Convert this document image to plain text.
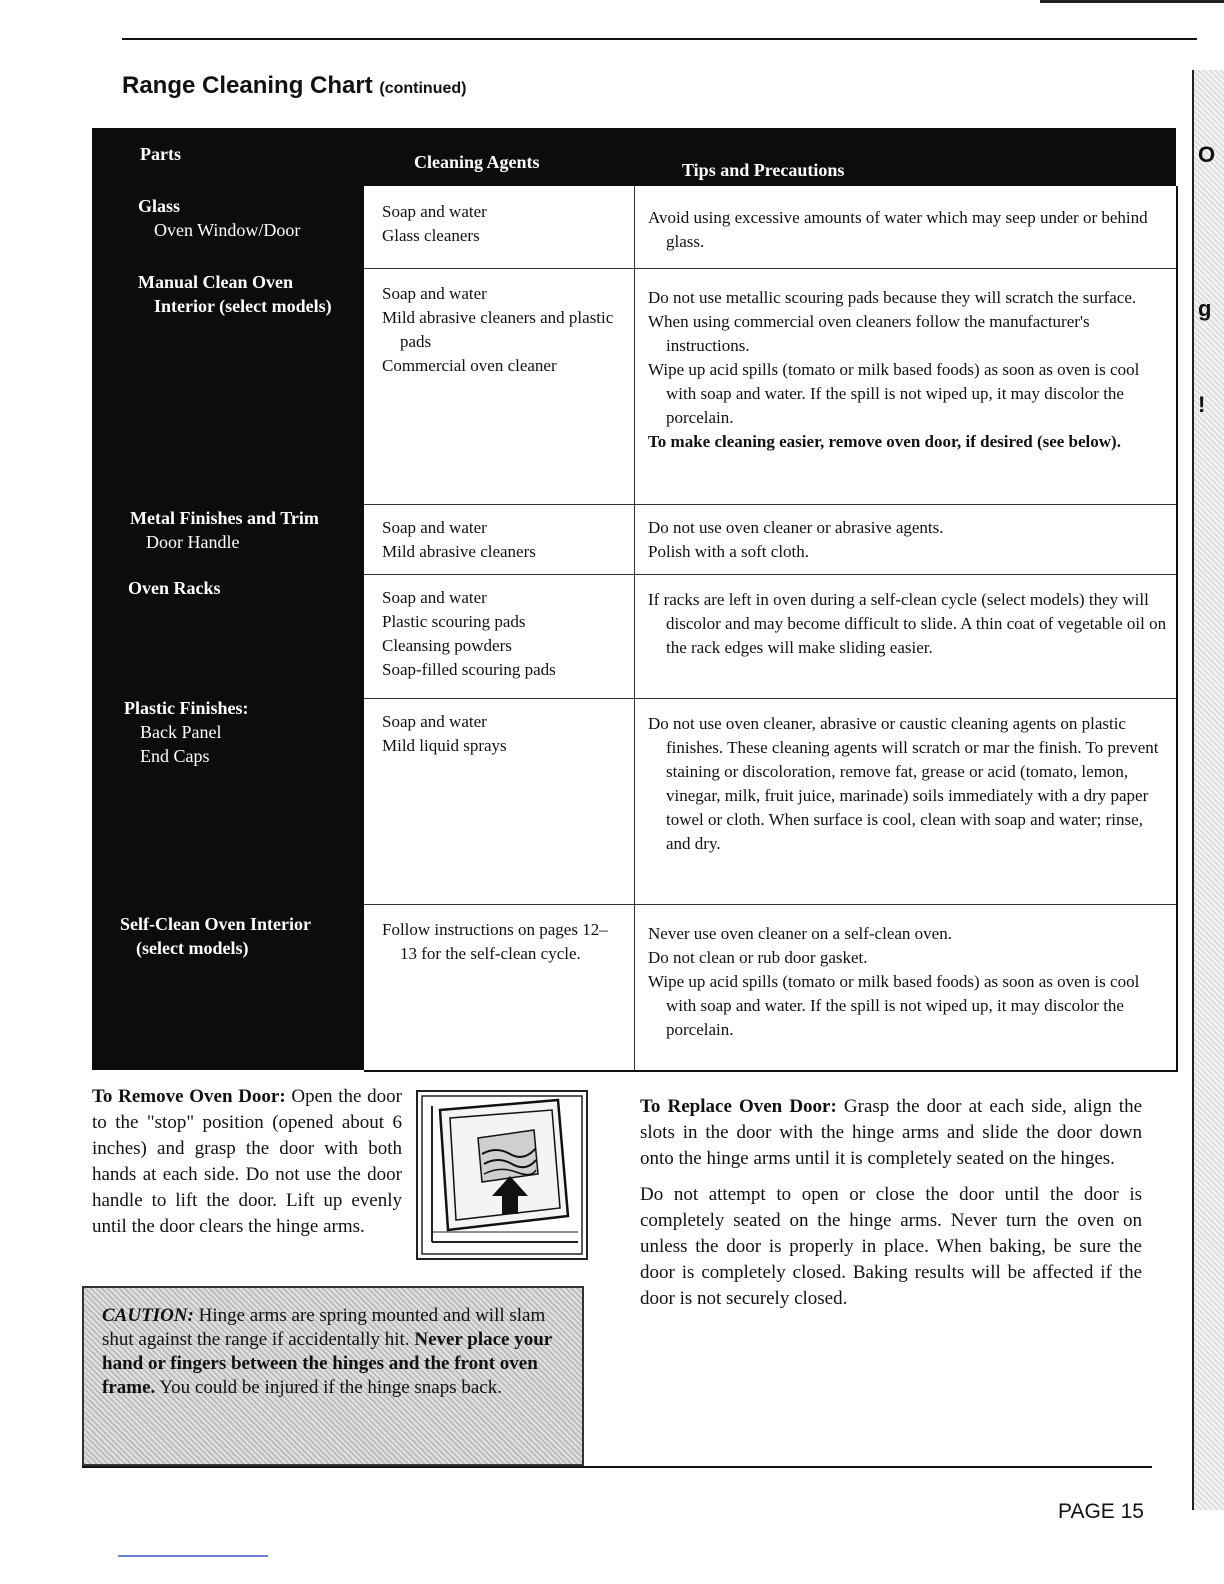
O
g
!
Range Cleaning Chart (continued)
Parts	Cleaning Agents	Tips and Precautions
Glass
Oven Window/Door
Manual Clean Oven
Interior (select models)
Metal Finishes and Trim
Door Handle
Oven Racks
Plastic Finishes:
Back Panel
End Caps
Self-Clean Oven Interior
(select models)
Soap and water
Glass cleaners
Avoid using excessive amounts of water which may seep under or behind glass.
Soap and water
Mild abrasive cleaners and plastic pads
Commercial oven cleaner
Do not use metallic scouring pads because they will scratch the surface.
When using commercial oven cleaners follow the manufacturer's instructions.
Wipe up acid spills (tomato or milk based foods) as soon as oven is cool with soap and water. If the spill is not wiped up, it may discolor the porcelain.
To make cleaning easier, remove oven door, if desired (see below).
Soap and water
Mild abrasive cleaners
Do not use oven cleaner or abrasive agents.
Polish with a soft cloth.
Soap and water
Plastic scouring pads
Cleansing powders
Soap-filled scouring pads
If racks are left in oven during a self-clean cycle (select models) they will discolor and may become difficult to slide. A thin coat of vegetable oil on the rack edges will make sliding easier.
Soap and water
Mild liquid sprays
Do not use oven cleaner, abrasive or caustic cleaning agents on plastic finishes. These cleaning agents will scratch or mar the finish. To prevent staining or discoloration, remove fat, grease or acid (tomato, lemon, vinegar, milk, fruit juice, marinade) soils immediately with a dry paper towel or cloth. When surface is cool, clean with soap and water; rinse, and dry.
Follow instructions on pages 12–13 for the self-clean cycle.
Never use oven cleaner on a self-clean oven.
Do not clean or rub door gasket.
Wipe up acid spills (tomato or milk based foods) as soon as oven is cool with soap and water. If the spill is not wiped up, it may discolor the porcelain.
To Remove Oven Door: Open the door to the "stop" position (opened about 6 inches) and grasp the door with both hands at each side. Do not use the door handle to lift the door. Lift up evenly until the door clears the hinge arms.

To Replace Oven Door: Grasp the door at each side, align the slots in the door with the hinge arms and slide the door down onto the hinge arms until it is completely seated on the hinges.

Do not attempt to open or close the door until the door is completely seated on the hinge arms. Never turn the oven on unless the door is properly in place. When baking, be sure the door is completely closed. Baking results will be affected if the door is not securely closed.

CAUTION: Hinge arms are spring mounted and will slam shut against the range if accidentally hit. Never place your hand or fingers between the hinges and the front oven frame. You could be injured if the hinge snaps back.
PAGE 15
